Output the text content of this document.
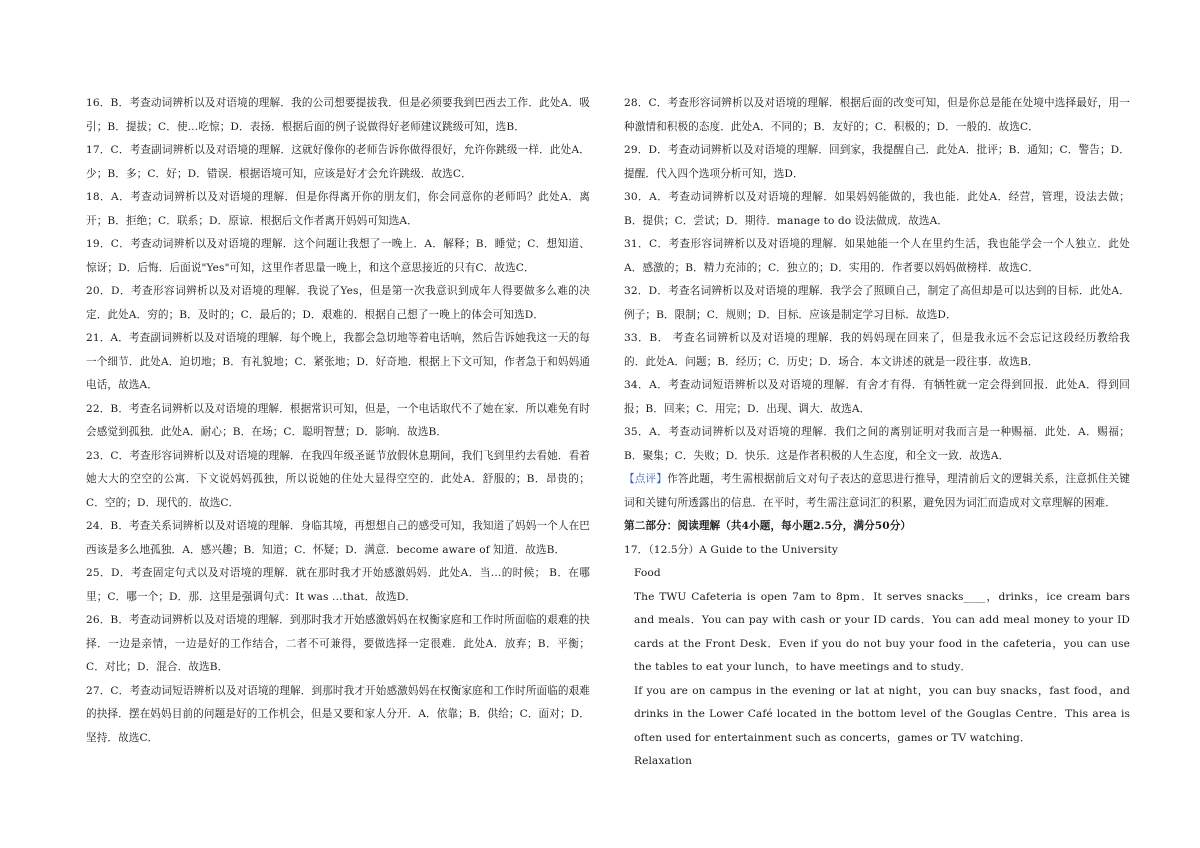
16．B．考查动词辨析以及对语境的理解．我的公司想要提拔我．但是必须要我到巴西去工作．此处A．吸引；B．提拔；C．使…吃惊；D．表扬．根据后面的例子说做得好老师建议跳级可知，选B．

17．C．考查副词辨析以及对语境的理解．这就好像你的老师告诉你做得很好，允许你跳级一样．此处A．少；B．多；C．好；D．错误．根据语境可知，应该是好才会允许跳级．故选C．

18．A．考查动词辨析以及对语境的理解．但是你得离开你的朋友们，你会同意你的老师吗？此处A．离开；B．拒绝；C．联系；D．原谅．根据后文作者离开妈妈可知选A．

19．C．考查动词辨析以及对语境的理解．这个问题让我想了一晚上．A．解释；B．睡觉；C．想知道、惊讶；D．后悔．后面说"Yes"可知，这里作者思量一晚上，和这个意思接近的只有C．故选C．

20．D．考查形容词辨析以及对语境的理解．我说了Yes，但是第一次我意识到成年人得要做多么难的决定．此处A．穷的；B．及时的；C．最后的；D．艰难的．根据自己想了一晚上的体会可知选D．

21．A．考查副词辨析以及对语境的理解．每个晚上，我都会急切地等着电话响，然后告诉她我这一天的每一个细节．此处A．迫切地；B．有礼貌地；C．紧张地；D．好奇地．根据上下文可知，作者急于和妈妈通电话，故选A．

22．B．考查名词辨析以及对语境的理解．根据常识可知，但是，一个电话取代不了她在家．所以难免有时会感觉到孤独．此处A．耐心；B．在场；C．聪明智慧；D．影响．故选B．

23．C．考查形容词辨析以及对语境的理解．在我四年级圣诞节放假休息期间，我们飞到里约去看她．看着她大大的空空的公寓．下文说妈妈孤独，所以说她的住处大显得空空的．此处A．舒服的；B．昂贵的；C．空的；D．现代的．故选C．

24．B．考查关系词辨析以及对语境的理解．身临其境，再想想自己的感受可知，我知道了妈妈一个人在巴西该是多么地孤独．A．感兴趣；B．知道；C．怀疑；D．满意．become aware of 知道．故选B．

25．D．考查固定句式以及对语境的理解．就在那时我才开始感激妈妈．此处A．当…的时候； B．在哪里；C．哪一个；D．那．这里是强调句式：It was …that．故选D．

26．B．考查动词辨析以及对语境的理解．到那时我才开始感激妈妈在权衡家庭和工作时所面临的艰难的抉择．一边是亲情，一边是好的工作结合，二者不可兼得，要做选择一定很难．此处A．放弃；B．平衡；C．对比；D．混合．故选B．

27．C．考查动词短语辨析以及对语境的理解．到那时我才开始感激妈妈在权衡家庭和工作时所面临的艰难的抉择．摆在妈妈目前的问题是好的工作机会，但是又要和家人分开．A．依靠；B．供给；C．面对；D．坚持．故选C．

28．C．考查形容词辨析以及对语境的理解．根据后面的改变可知，但是你总是能在处境中选择最好，用一种激情和积极的态度．此处A．不同的；B．友好的；C．积极的；D．一般的．故选C．

29．D．考查动词辨析以及对语境的理解．回到家，我提醒自己．此处A．批评；B．通知；C．警告；D．提醒．代入四个选项分析可知，选D．

30．A．考查动词辨析以及对语境的理解．如果妈妈能做的，我也能．此处A．经营，管理，设法去做；B．提供；C．尝试；D．期待．manage to do 设法做成．故选A．

31．C．考查形容词辨析以及对语境的理解．如果她能一个人在里约生活，我也能学会一个人独立．此处A．感激的；B．精力充沛的；C．独立的；D．实用的．作者要以妈妈做榜样．故选C．

32．D．考查名词辨析以及对语境的理解．我学会了照顾自己，制定了高但却是可以达到的目标．此处A．例子；B．限制；C．规则；D．目标．应该是制定学习目标．故选D．

33．B． 考查名词辨析以及对语境的理解．我的妈妈现在回来了，但是我永远不会忘记这段经历教给我的．此处A．问题；B．经历；C．历史；D．场合．本文讲述的就是一段往事．故选B．

34．A．考查动词短语辨析以及对语境的理解．有舍才有得．有牺牲就一定会得到回报．此处A．得到回报；B．回来；C．用完；D．出现、调大．故选A．

35．A．考查动词辨析以及对语境的理解．我们之间的离别证明对我而言是一种赐福．此处．A．赐福；B．聚集；C．失败；D．快乐．这是作者积极的人生态度，和全文一致．故选A．

【点评】作答此题，考生需根据前后文对句子表达的意思进行推导，理清前后文的逻辑关系，注意抓住关键词和关键句所透露出的信息．在平时，考生需注意词汇的积累，避免因为词汇而造成对文章理解的困难．

第二部分：阅读理解（共4小题，每小题2.5分，满分50分）

17．（12.5分）A Guide to the University

Food

The TWU Cafeteria is open 7am to 8pm．It serves snacks____，drinks，ice cream bars and meals．You can pay with cash or your ID cards．You can add meal money to your ID cards at the Front Desk．Even if you do not buy your food in the cafeteria，you can use the tables to eat your lunch，to have meetings and to study．

If you are on campus in the evening or lat at night，you can buy snacks，fast food，and drinks in the Lower Café located in the bottom level of the Gouglas Centre．This area is often used for entertainment such as concerts，games or TV watching．

Relaxation
